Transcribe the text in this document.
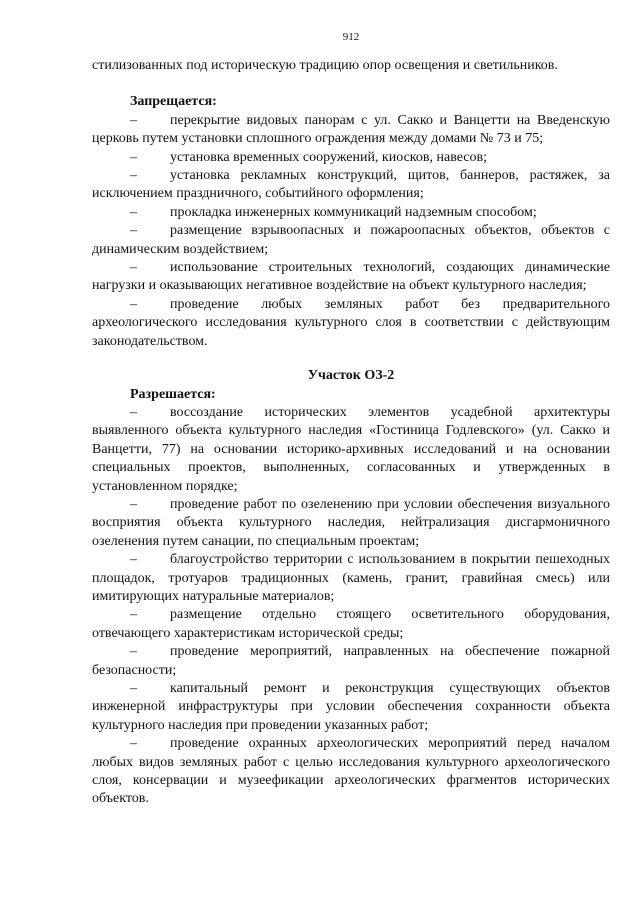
912

стилизованных под историческую традицию опор освещения и светильников.

Запрещается:

– перекрытие видовых панорам с ул. Сакко и Ванцетти на Введенскую церковь путем установки сплошного ограждения между домами № 73 и 75;

– установка временных сооружений, киосков, навесов;

– установка рекламных конструкций, щитов, баннеров, растяжек, за исключением праздничного, событийного оформления;

– прокладка инженерных коммуникаций надземным способом;

– размещение взрывоопасных и пожароопасных объектов, объектов с динамическим воздействием;

– использование строительных технологий, создающих динамические нагрузки и оказывающих негативное воздействие на объект культурного наследия;

– проведение любых земляных работ без предварительного археологического исследования культурного слоя в соответствии с действующим законодательством.

Участок ОЗ-2

Разрешается:

– воссоздание исторических элементов усадебной архитектуры выявленного объекта культурного наследия «Гостиница Годлевского» (ул. Сакко и Ванцетти, 77) на основании историко-архивных исследований и на основании специальных проектов, выполненных, согласованных и утвержденных в установленном порядке;

– проведение работ по озеленению при условии обеспечения визуального восприятия объекта культурного наследия, нейтрализация дисгармоничного озеленения путем санации, по специальным проектам;

– благоустройство территории с использованием в покрытии пешеходных площадок, тротуаров традиционных (камень, гранит, гравийная смесь) или имитирующих натуральные материалов;

– размещение отдельно стоящего осветительного оборудования, отвечающего характеристикам исторической среды;

– проведение мероприятий, направленных на обеспечение пожарной безопасности;

– капитальный ремонт и реконструкция существующих объектов инженерной инфраструктуры при условии обеспечения сохранности объекта культурного наследия при проведении указанных работ;

– проведение охранных археологических мероприятий перед началом любых видов земляных работ с целью исследования культурного археологического слоя, консервации и музеефикации археологических фрагментов исторических объектов.
